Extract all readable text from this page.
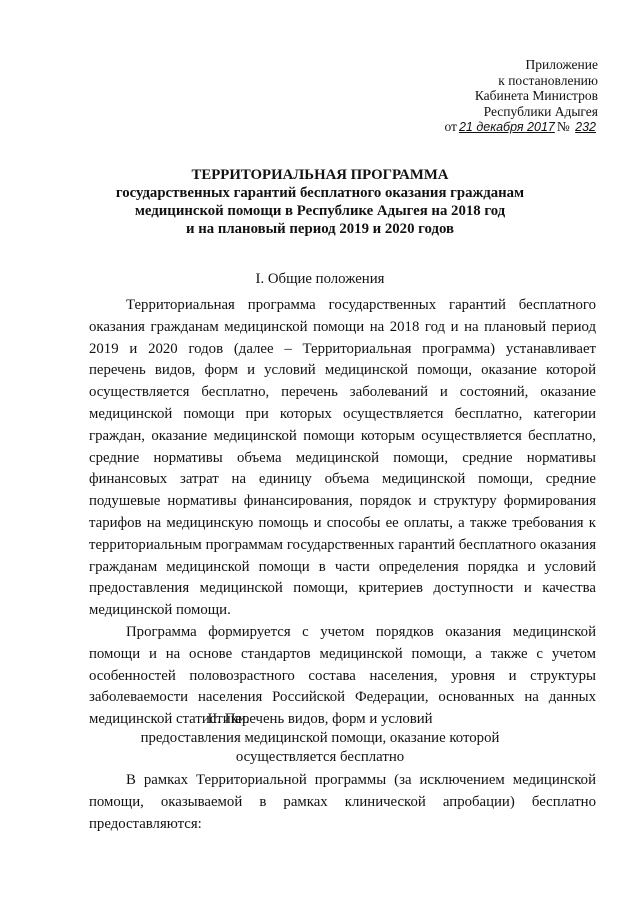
Приложение
к постановлению
Кабинета Министров
Республики Адыгея
от 21 декабря 2017 № 232
ТЕРРИТОРИАЛЬНАЯ ПРОГРАММА
государственных гарантий бесплатного оказания гражданам
медицинской помощи в Республике Адыгея на 2018 год
и на плановый период 2019 и 2020 годов
I. Общие положения

Территориальная программа государственных гарантий бесплатного оказания гражданам медицинской помощи на 2018 год и на плановый период 2019 и 2020 годов (далее – Территориальная программа) устанавливает перечень видов, форм и условий медицинской помощи, оказание которой осуществляется бесплатно, перечень заболеваний и состояний, оказание медицинской помощи при которых осуществляется бесплатно, категории граждан, оказание медицинской помощи которым осуществляется бесплатно, средние нормативы объема медицинской помощи, средние нормативы финансовых затрат на единицу объема медицинской помощи, средние подушевые нормативы финансирования, порядок и структуру формирования тарифов на медицинскую помощь и способы ее оплаты, а также требования к территориальным программам государственных гарантий бесплатного оказания гражданам медицинской помощи в части определения порядка и условий предоставления медицинской помощи, критериев доступности и качества медицинской помощи.

Программа формируется с учетом порядков оказания медицинской помощи и на основе стандартов медицинской помощи, а также с учетом особенностей половозрастного состава населения, уровня и структуры заболеваемости населения Российской Федерации, основанных на данных медицинской статистики.

II. Перечень видов, форм и условий
предоставления медицинской помощи, оказание которой
осуществляется бесплатно

В рамках Территориальной программы (за исключением медицинской помощи, оказываемой в рамках клинической апробации) бесплатно предоставляются:
